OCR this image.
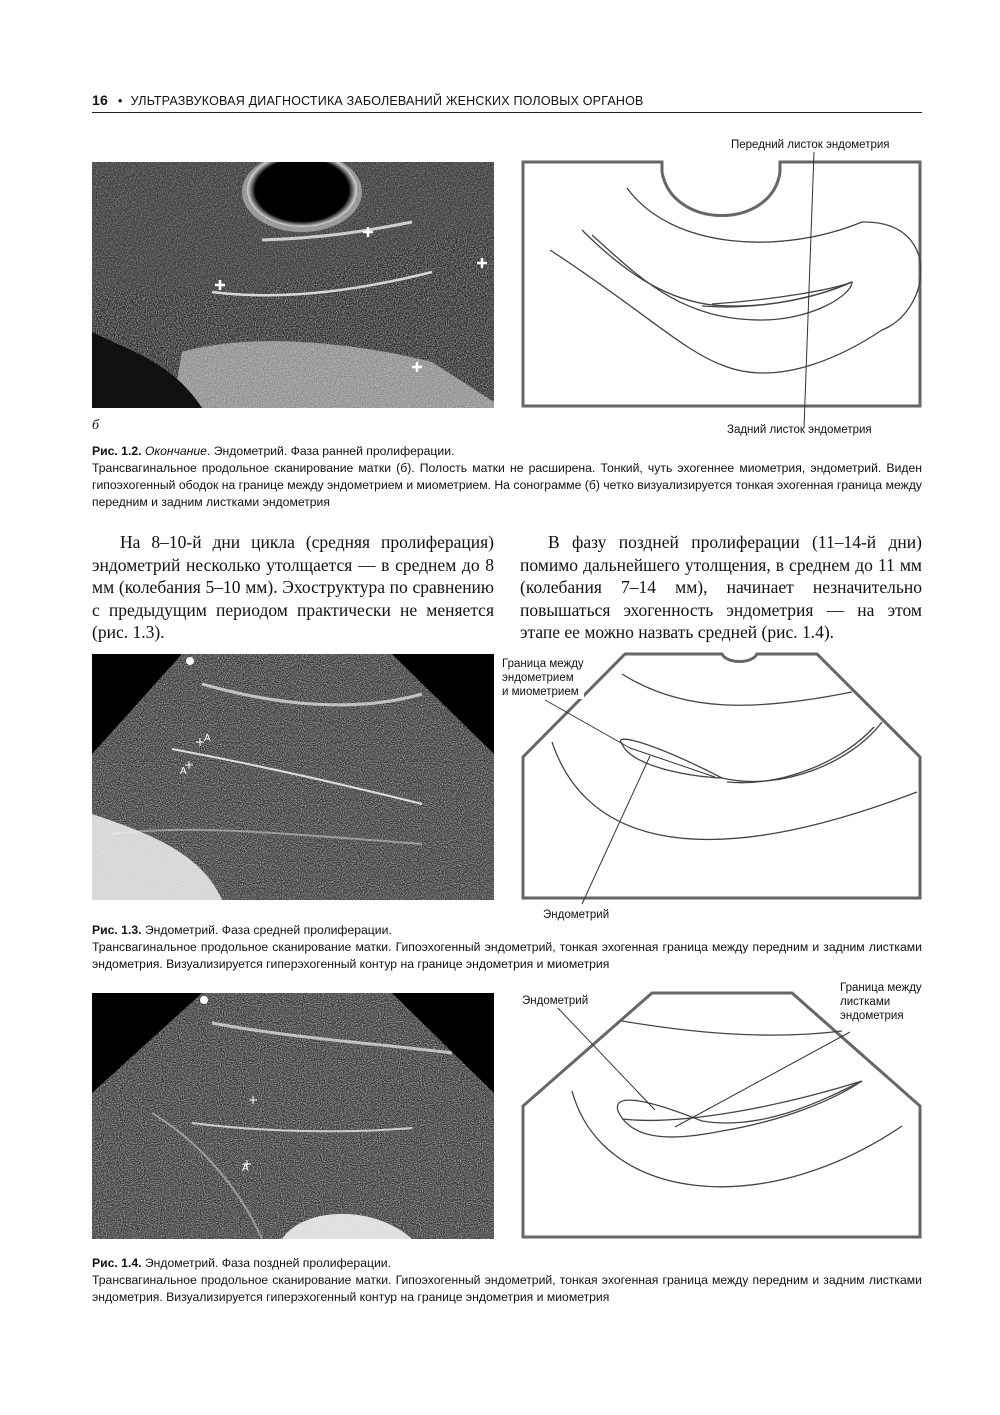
16 • УЛЬТРАЗВУКОВАЯ ДИАГНОСТИКА ЗАБОЛЕВАНИЙ ЖЕНСКИХ ПОЛОВЫХ ОРГАНОВ
б
Передний листок эндометрия
Задний листок эндометрия
Рис. 1.2. Окончание. Эндометрий. Фаза ранней пролиферации.
Трансвагинальное продольное сканирование матки (б). Полость матки не расширена. Тонкий, чуть эхогеннее миометрия, эндометрий. Виден гипоэхогенный ободок на границе между эндометрием и миометрием. На сонограмме (б) четко визуализируется тонкая эхогенная граница между передним и задним листками эндометрия
На 8–10-й дни цикла (средняя пролиферация) эндометрий несколько утолщается — в среднем до 8 мм (колебания 5–10 мм). Эхоструктура по сравнению с предыдущим периодом практически не меняется (рис. 1.3).
В фазу поздней пролиферации (11–14-й дни) помимо дальнейшего утолщения, в среднем до 11 мм (колебания 7–14 мм), начинает незначительно повышаться эхогенность эндометрия — на этом этапе ее можно назвать средней (рис. 1.4).
A
A
Граница между
эндометрием
и миометрием
Эндометрий
Рис. 1.3. Эндометрий. Фаза средней пролиферации.
Трансвагинальное продольное сканирование матки. Гипоэхогенный эндометрий, тонкая эхогенная граница между передним и задним листками эндометрия. Визуализируется гиперэхогенный контур на границе эндометрия и миометрия
A
Эндометрий
Граница между
листками
эндометрия
Рис. 1.4. Эндометрий. Фаза поздней пролиферации.
Трансвагинальное продольное сканирование матки. Гипоэхогенный эндометрий, тонкая эхогенная граница между передним и задним листками эндометрия. Визуализируется гиперэхогенный контур на границе эндометрия и миометрия
